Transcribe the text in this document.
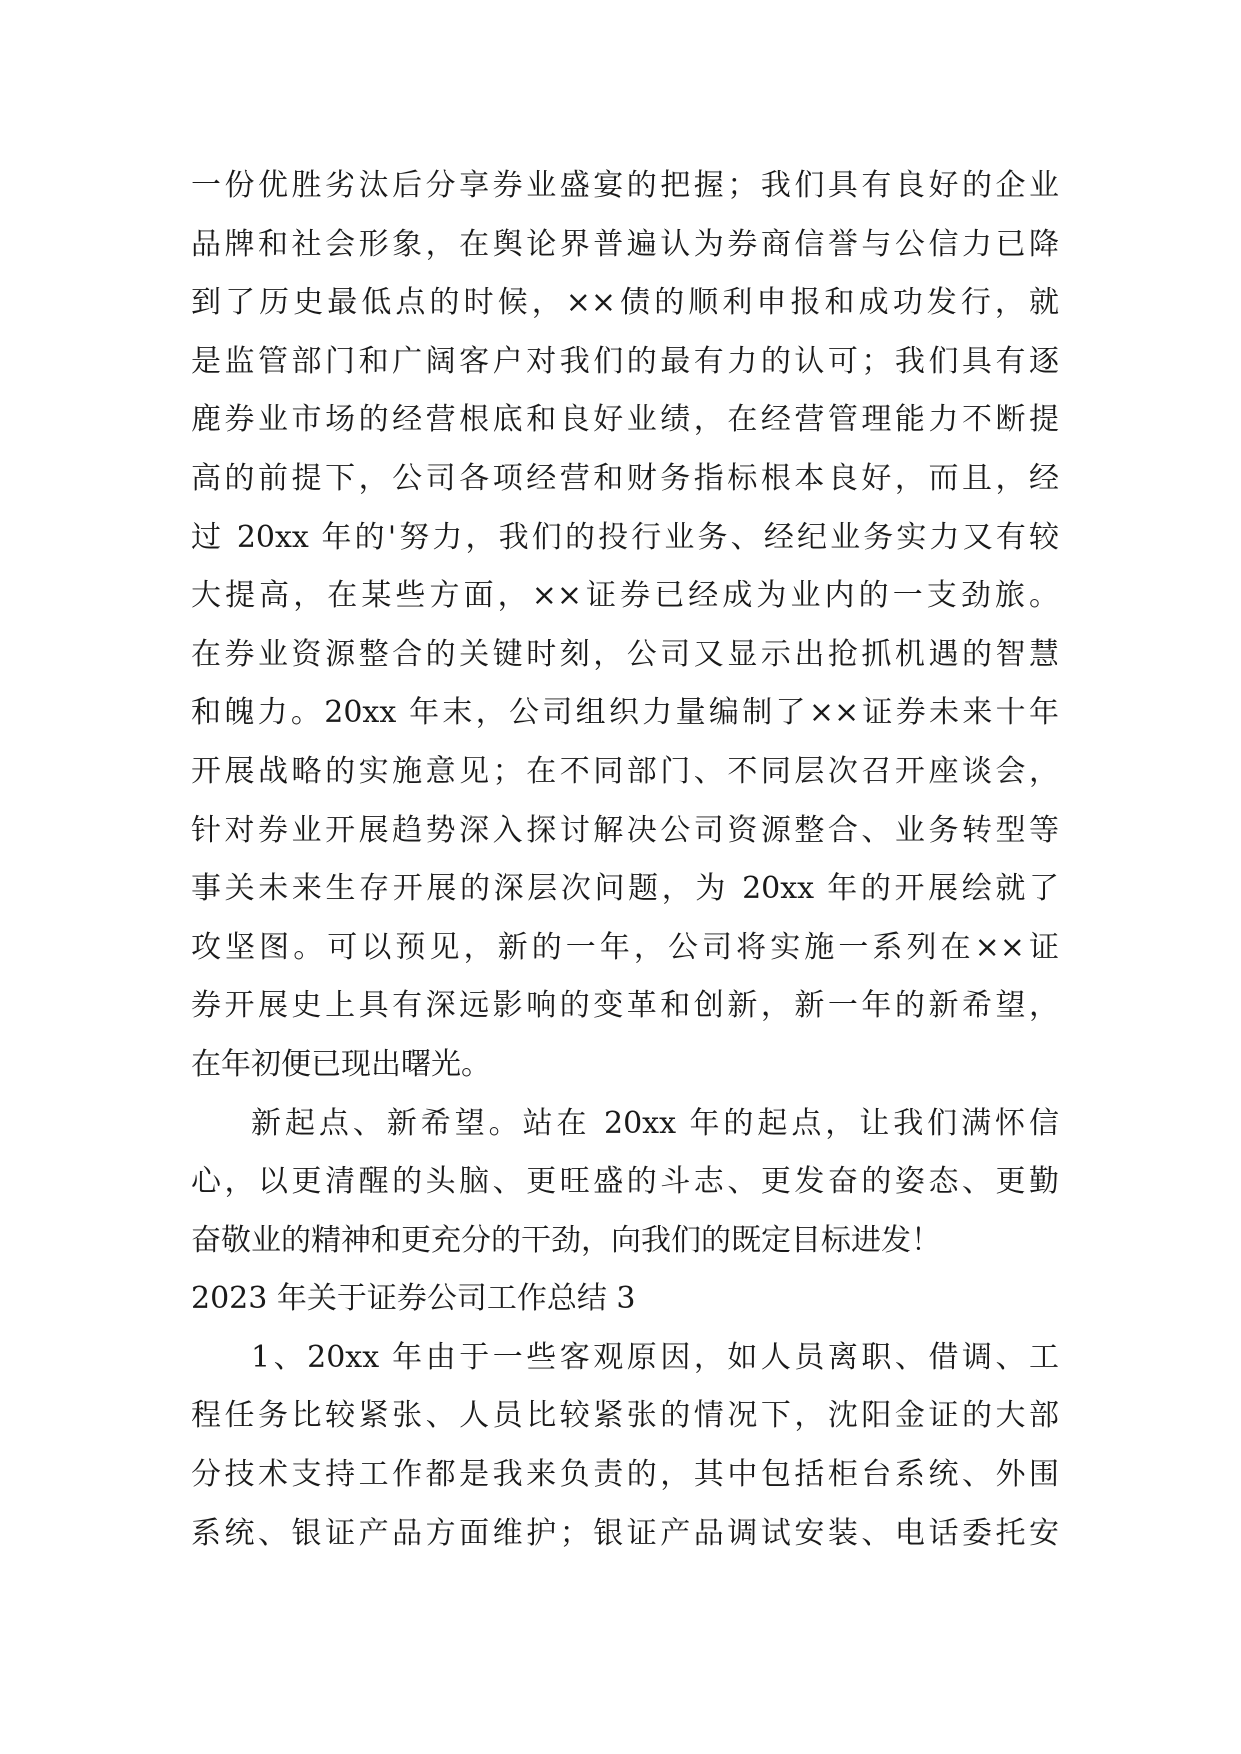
一份优胜劣汰后分享券业盛宴的把握；我们具有良好的企业
品牌和社会形象，在舆论界普遍认为券商信誉与公信力已降
到了历史最低点的时候，××债的顺利申报和成功发行，就
是监管部门和广阔客户对我们的最有力的认可；我们具有逐
鹿券业市场的经营根底和良好业绩，在经营管理能力不断提
高的前提下，公司各项经营和财务指标根本良好，而且，经
过 20xx 年的'努力，我们的投行业务、经纪业务实力又有较
大提高，在某些方面，××证券已经成为业内的一支劲旅。
在券业资源整合的关键时刻，公司又显示出抢抓机遇的智慧
和魄力。20xx 年末，公司组织力量编制了××证券未来十年
开展战略的实施意见；在不同部门、不同层次召开座谈会，
针对券业开展趋势深入探讨解决公司资源整合、业务转型等
事关未来生存开展的深层次问题，为 20xx 年的开展绘就了
攻坚图。可以预见，新的一年，公司将实施一系列在××证
券开展史上具有深远影响的变革和创新，新一年的新希望，
在年初便已现出曙光。
新起点、新希望。站在 20xx 年的起点，让我们满怀信
心，以更清醒的头脑、更旺盛的斗志、更发奋的姿态、更勤
奋敬业的精神和更充分的干劲，向我们的既定目标进发！
2023 年关于证券公司工作总结 3
1、20xx 年由于一些客观原因，如人员离职、借调、工
程任务比较紧张、人员比较紧张的情况下，沈阳金证的大部
分技术支持工作都是我来负责的，其中包括柜台系统、外围
系统、银证产品方面维护；银证产品调试安装、电话委托安
